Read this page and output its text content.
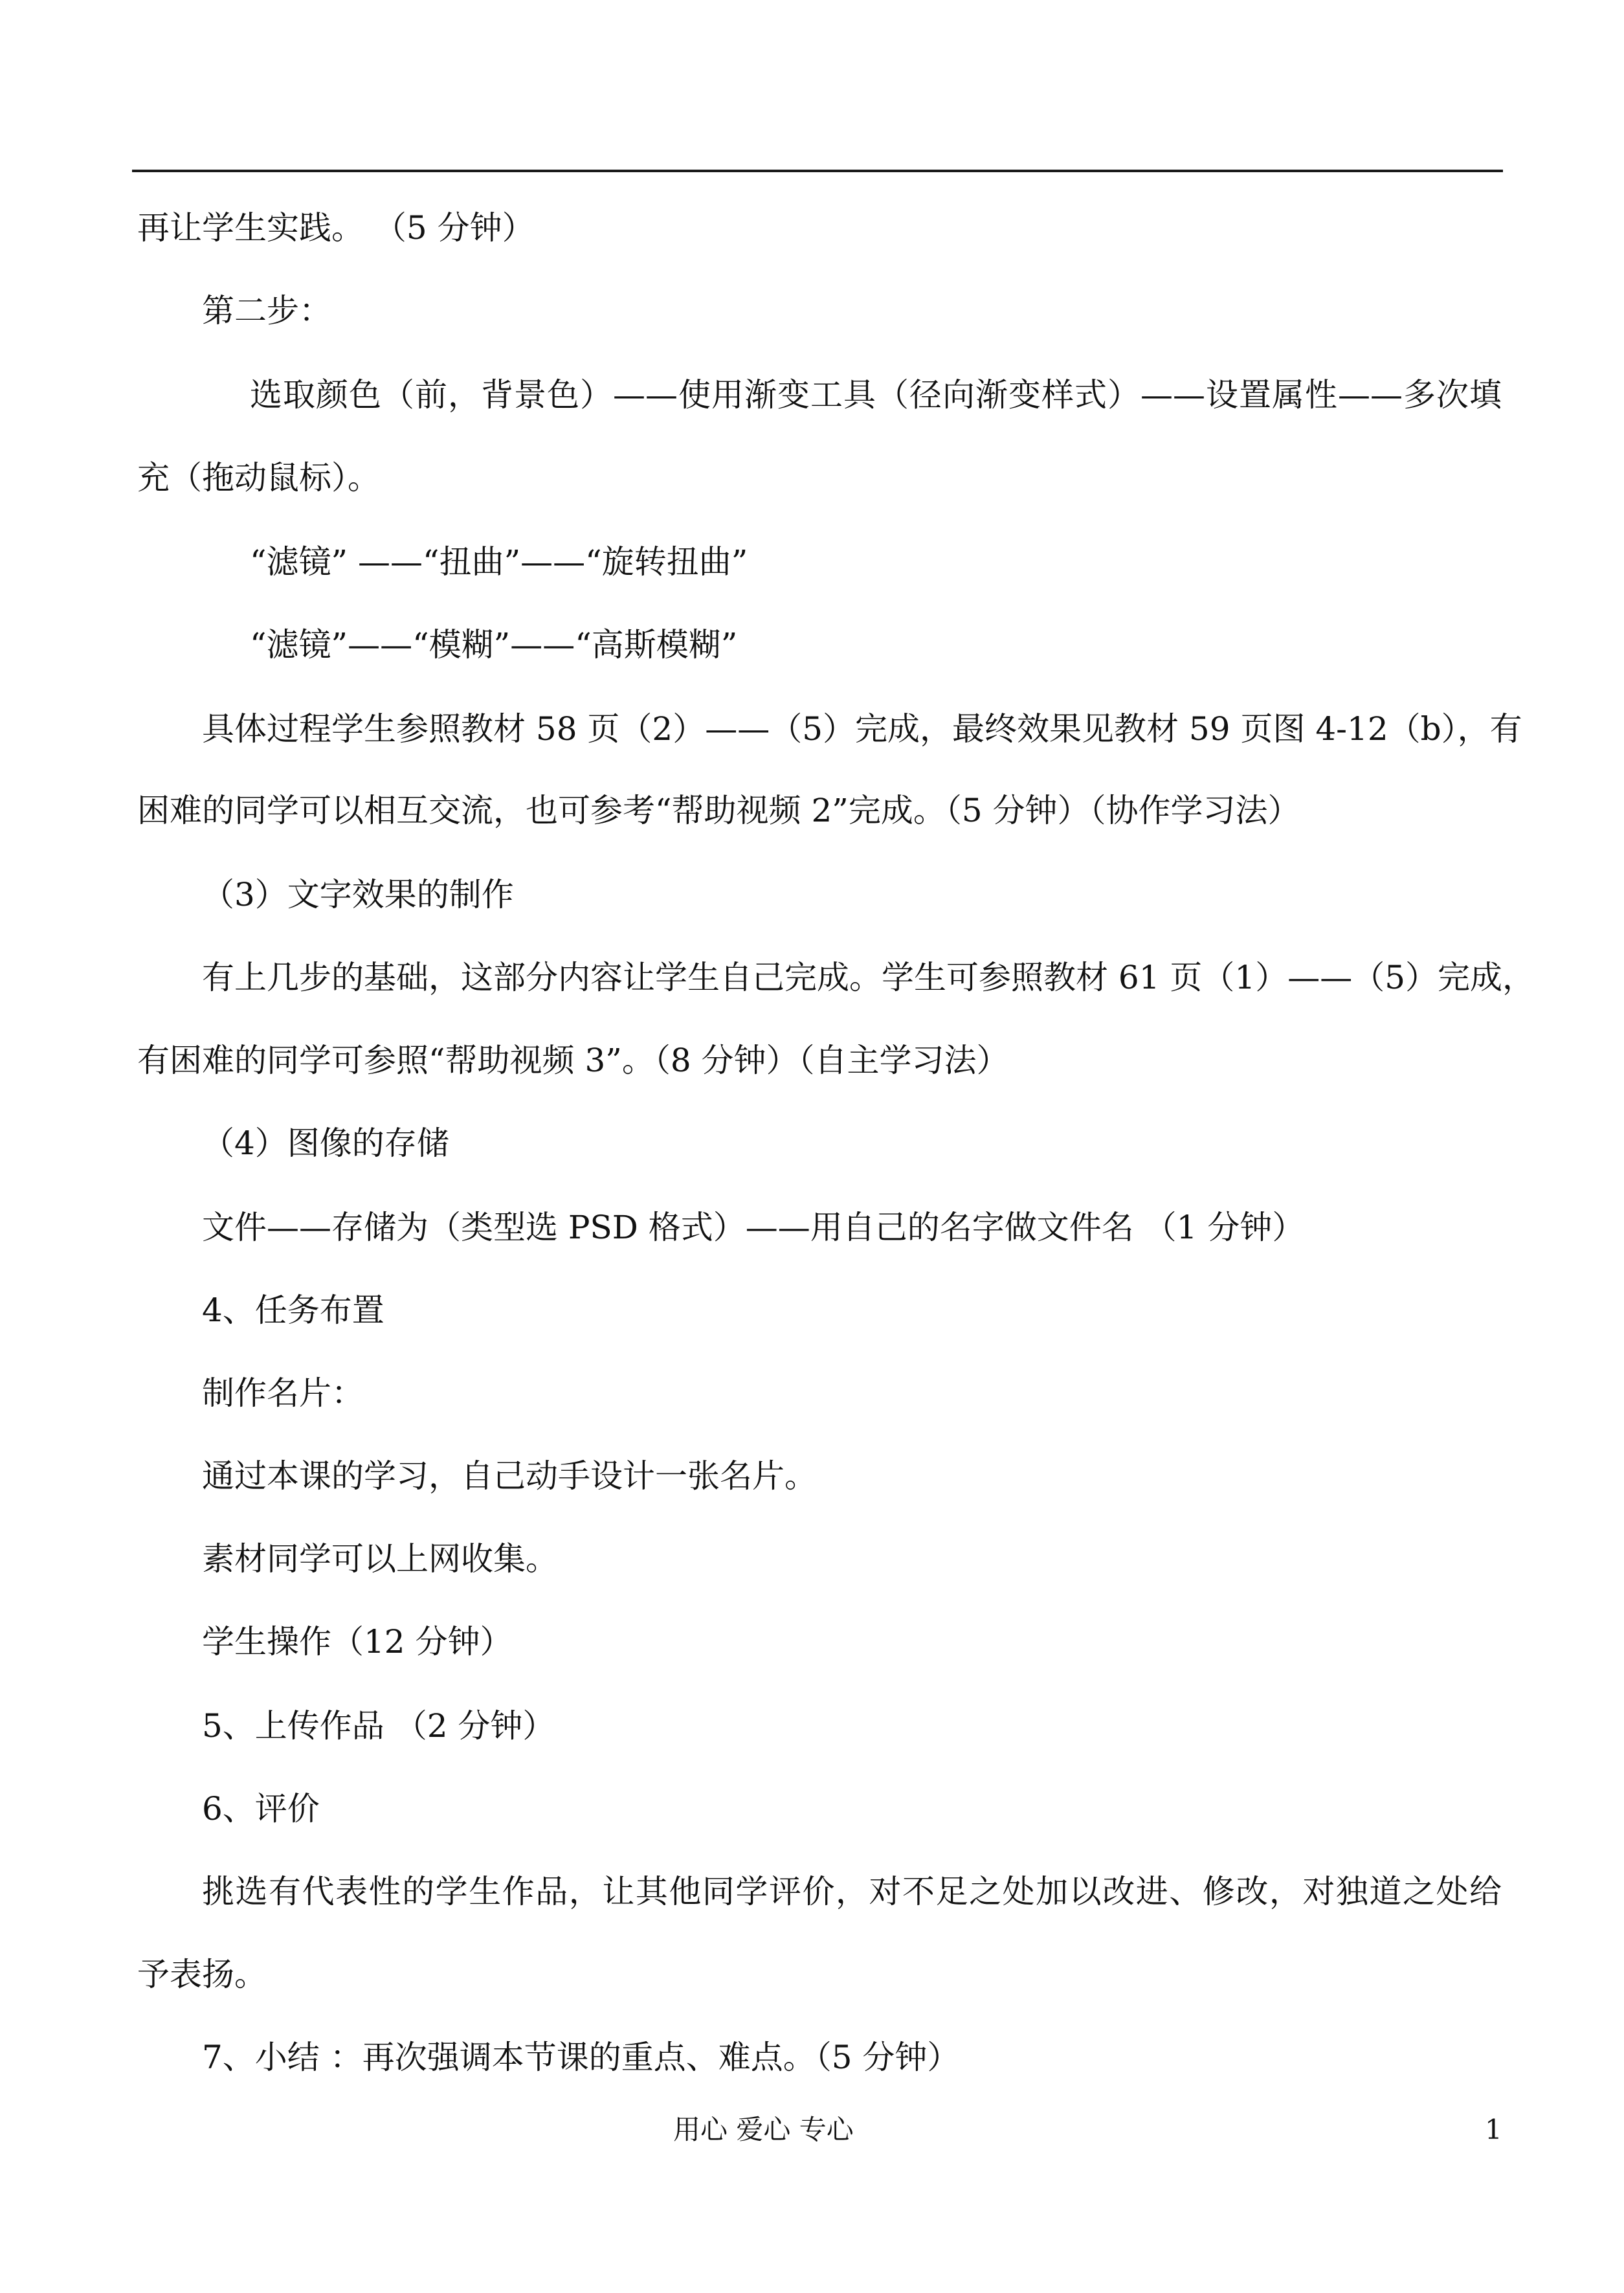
再让学生实践。 （5 分钟）
第二步：
选取颜色（前，背景色）——使用渐变工具（径向渐变样式）——设置属性——多次填
充（拖动鼠标）。
“滤镜” ——“扭曲”——“旋转扭曲”
“滤镜”——“模糊”——“高斯模糊”
具体过程学生参照教材 58 页（2）——（5）完成，最终效果见教材 59 页图 4-12（b），有
困难的同学可以相互交流，也可参考“帮助视频 2”完成。（5 分钟）（协作学习法）
（3）文字效果的制作
有上几步的基础，这部分内容让学生自己完成。学生可参照教材 61 页（1）——（5）完成，
有困难的同学可参照“帮助视频 3”。（8 分钟）（自主学习法）
（4）图像的存储
文件——存储为（类型选 PSD 格式）——用自己的名字做文件名 （1 分钟）
4、任务布置
制作名片：
通过本课的学习，自己动手设计一张名片。
素材同学可以上网收集。
学生操作（12 分钟）
5、上传作品 （2 分钟）
6、评价
挑选有代表性的学生作品，让其他同学评价，对不足之处加以改进、修改，对独道之处给
予表扬。
7、小结 ：再次强调本节课的重点、难点。（5 分钟）
用心 爱心 专心	1
